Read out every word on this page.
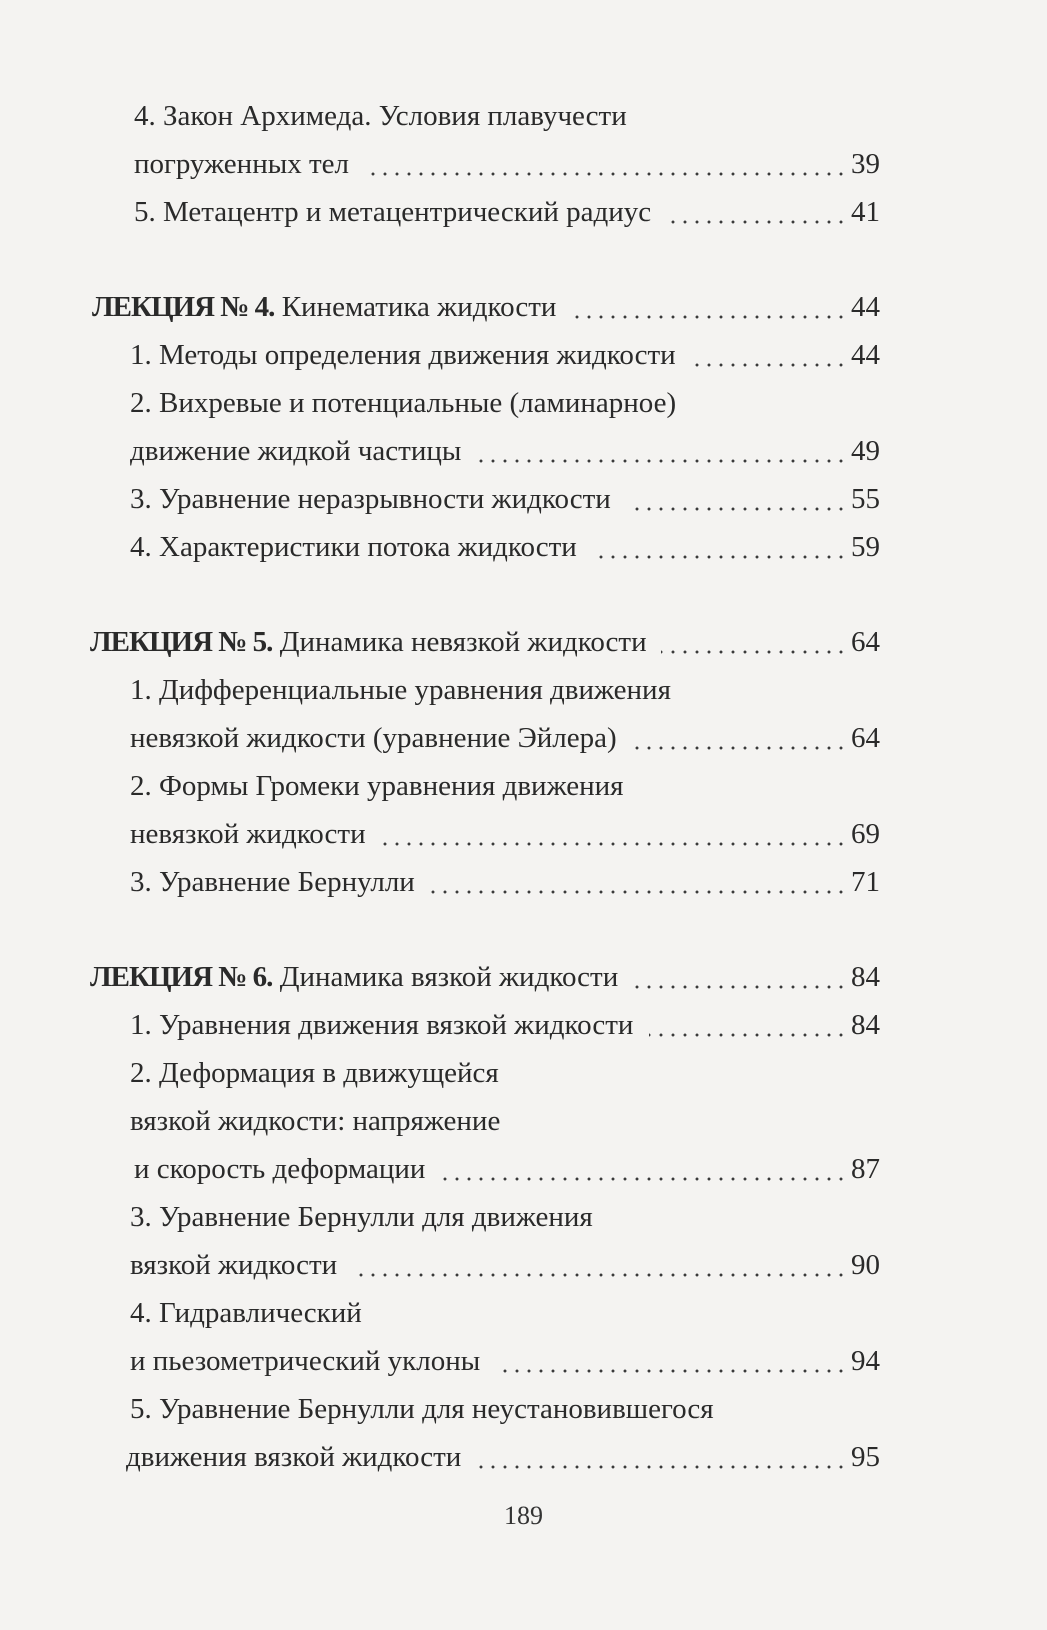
4. Закон Архимеда. Условия плавучести
погруженных тел	39
5. Метацентр и метацентрический радиус	41
ЛЕКЦИЯ № 4. Кинематика жидкости	44
1. Методы определения движения жидкости	44
2. Вихревые и потенциальные (ламинарное)
движение жидкой частицы	49
3. Уравнение неразрывности жидкости	55
4. Характеристики потока жидкости	59
ЛЕКЦИЯ № 5. Динамика невязкой жидкости	64
1. Дифференциальные уравнения движения
невязкой жидкости (уравнение Эйлера)	64
2. Формы Громеки уравнения движения
невязкой жидкости	69
3. Уравнение Бернулли	71
ЛЕКЦИЯ № 6. Динамика вязкой жидкости	84
1. Уравнения движения вязкой жидкости	84
2. Деформация в движущейся
вязкой жидкости: напряжение
и скорость деформации	87
3. Уравнение Бернулли для движения
вязкой жидкости	90
4. Гидравлический
и пьезометрический уклоны	94
5. Уравнение Бернулли для неустановившегося
движения вязкой жидкости	95
189
